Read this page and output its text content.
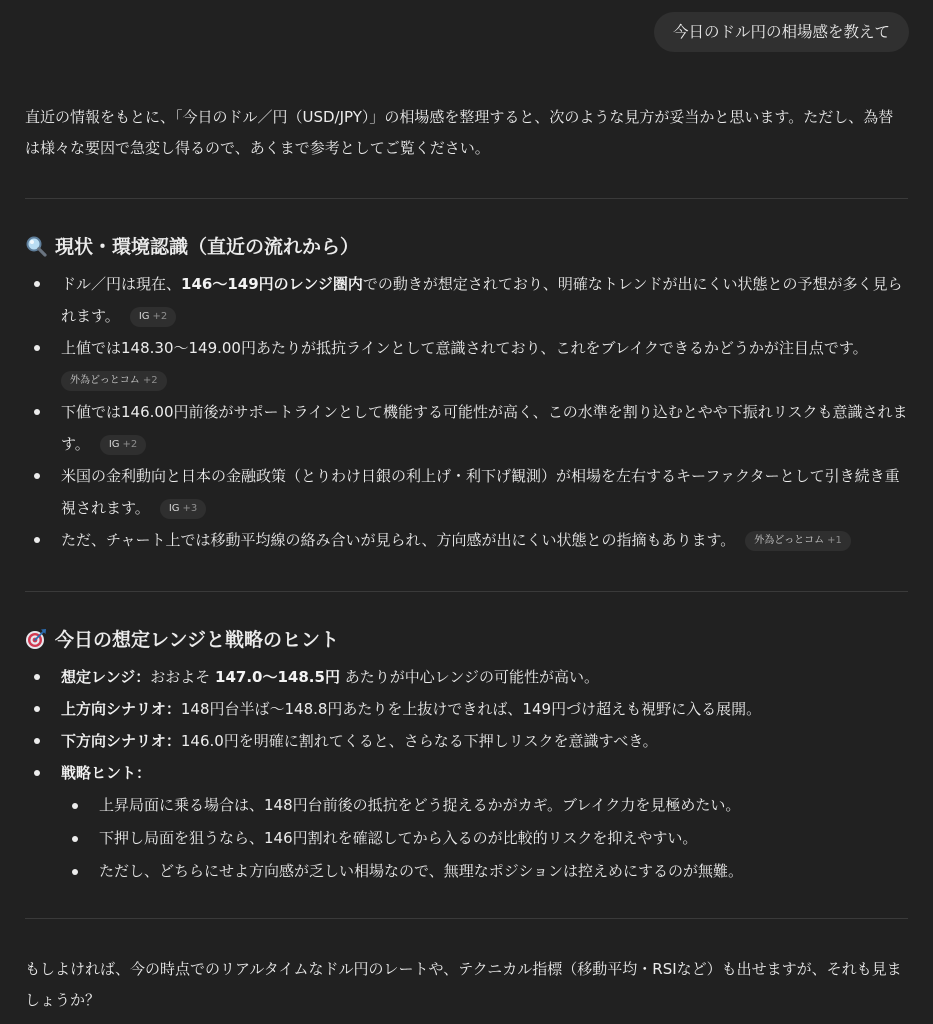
今日のドル円の相場感を教えて
直近の情報をもとに、「今日のドル／円（USD/JPY）」の相場感を整理すると、次のような見方が妥当かと思います。ただし、為替は様々な要因で急変し得るので、あくまで参考としてご覧ください。
現状・環境認識（直近の流れから）
ドル／円は現在、146〜149円のレンジ圏内での動きが想定されており、明確なトレンドが出にくい状態との予想が多く見られます。 IG +2
上値では148.30〜149.00円あたりが抵抗ラインとして意識されており、これをブレイクできるかどうかが注目点です。
外為どっとコム +2
下値では146.00円前後がサポートラインとして機能する可能性が高く、この水準を割り込むとやや下振れリスクも意識されます。 IG +2
米国の金利動向と日本の金融政策（とりわけ日銀の利上げ・利下げ観測）が相場を左右するキーファクターとして引き続き重視されます。 IG +3
ただ、チャート上では移動平均線の絡み合いが見られ、方向感が出にくい状態との指摘もあります。 外為どっとコム +1
今日の想定レンジと戦略のヒント
想定レンジ：おおよそ 147.0〜148.5円 あたりが中心レンジの可能性が高い。
上方向シナリオ：148円台半ば〜148.8円あたりを上抜けできれば、149円づけ超えも視野に入る展開。
下方向シナリオ：146.0円を明確に割れてくると、さらなる下押しリスクを意識すべき。
戦略ヒント：
上昇局面に乗る場合は、148円台前後の抵抗をどう捉えるかがカギ。ブレイク力を見極めたい。
下押し局面を狙うなら、146円割れを確認してから入るのが比較的リスクを抑えやすい。
ただし、どちらにせよ方向感が乏しい相場なので、無理なポジションは控えめにするのが無難。
もしよければ、今の時点でのリアルタイムなドル円のレートや、テクニカル指標（移動平均・RSIなど）も出せますが、それも見ましょうか？
